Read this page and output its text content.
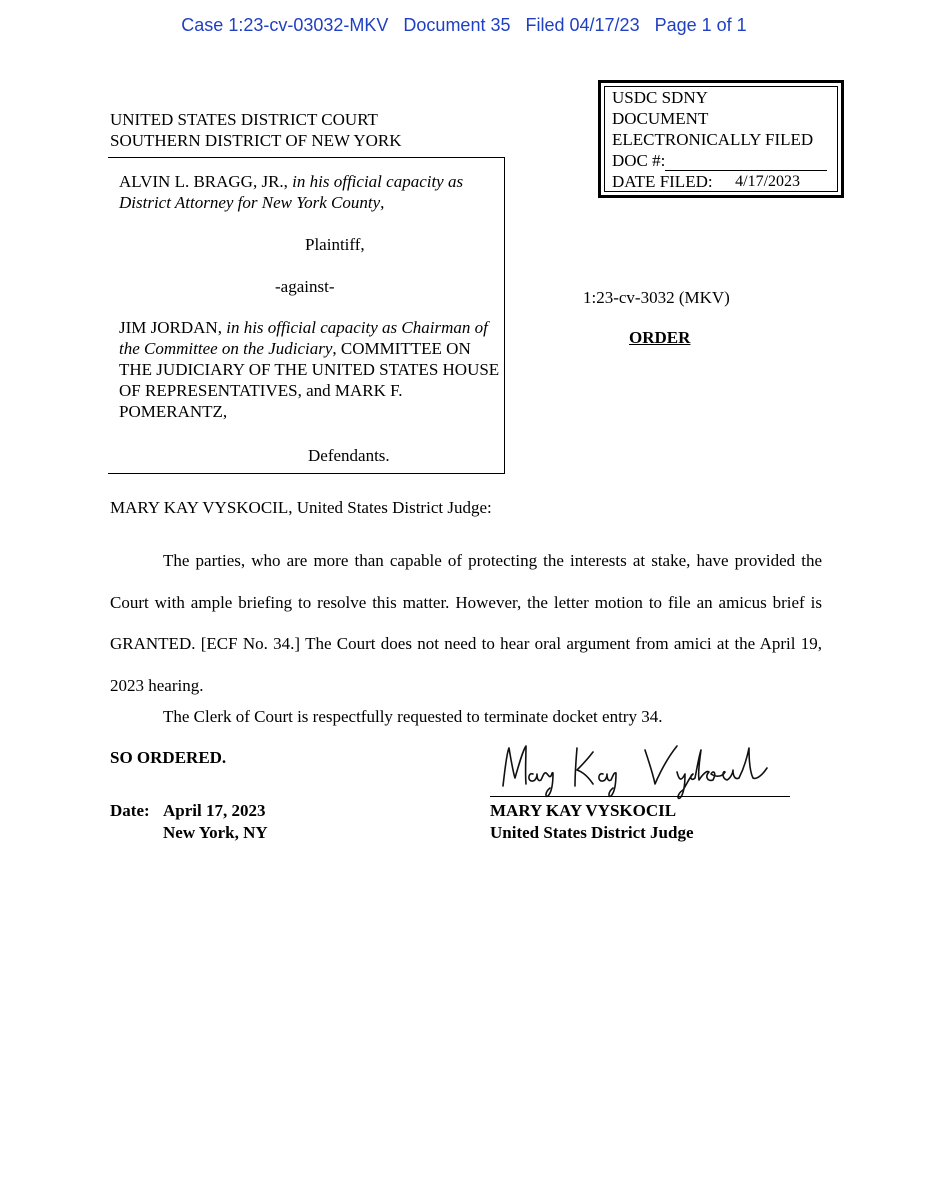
Case 1:23-cv-03032-MKV Document 35 Filed 04/17/23 Page 1 of 1
UNITED STATES DISTRICT COURT
SOUTHERN DISTRICT OF NEW YORK
USDC SDNY
DOCUMENT
ELECTRONICALLY FILED
DOC #:
DATE FILED:	4/17/2023
ALVIN L. BRAGG, JR., in his official capacity as District Attorney for New York County,
Plaintiff,
-against-
JIM JORDAN, in his official capacity as Chairman of the Committee on the Judiciary, COMMITTEE ON THE JUDICIARY OF THE UNITED STATES HOUSE OF REPRESENTATIVES, and MARK F. POMERANTZ,
Defendants.
1:23-cv-3032 (MKV)
ORDER
MARY KAY VYSKOCIL, United States District Judge:
The parties, who are more than capable of protecting the interests at stake, have provided the Court with ample briefing to resolve this matter. However, the letter motion to file an amicus brief is GRANTED. [ECF No. 34.] The Court does not need to hear oral argument from amici at the April 19, 2023 hearing.
The Clerk of Court is respectfully requested to terminate docket entry 34.
SO ORDERED.
Date: April 17, 2023
New York, NY
Mary Kay Vyskocil
MARY KAY VYSKOCIL
United States District Judge
